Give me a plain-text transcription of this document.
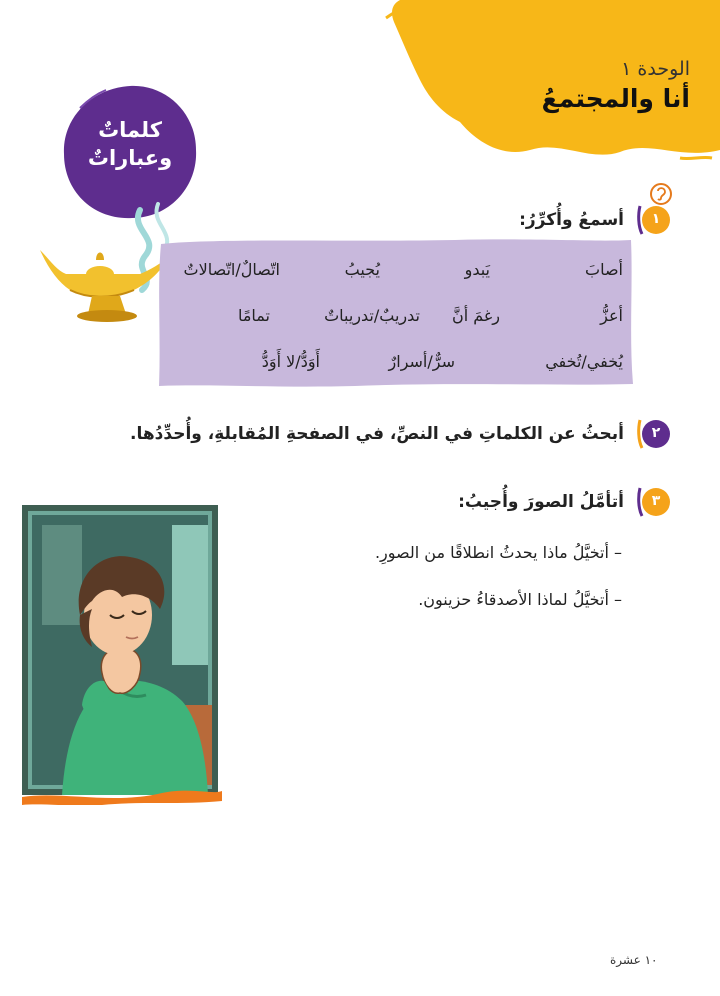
الوحدة ١
أنا والمجتمعُ
كلماتٌ
وعباراتٌ
١
أسمعُ وأُكرِّرُ:
أصابَ
يَبدو
يُجيبُ
اتّصالٌ/اتّصالاتٌ
أعزُّ
رغمَ أنَّ
تدريبٌ/تدريباتٌ
تمامًا
يُخفي/تُخفي
سرٌّ/أسرارٌ
أَوَدُّ/لا أَوَدُّ
٢
أبحثُ عن الكلماتِ في النصِّ، في الصفحةِ المُقابلةِ، وأُحدِّدُها.
٣
أتأمَّلُ الصورَ وأُجيبُ:
– أتخيَّلُ ماذا يحدثُ انطلاقًا من الصورِ.
– أتخيَّلُ لماذا الأصدقاءُ حزينون.
١٠ عشرة
